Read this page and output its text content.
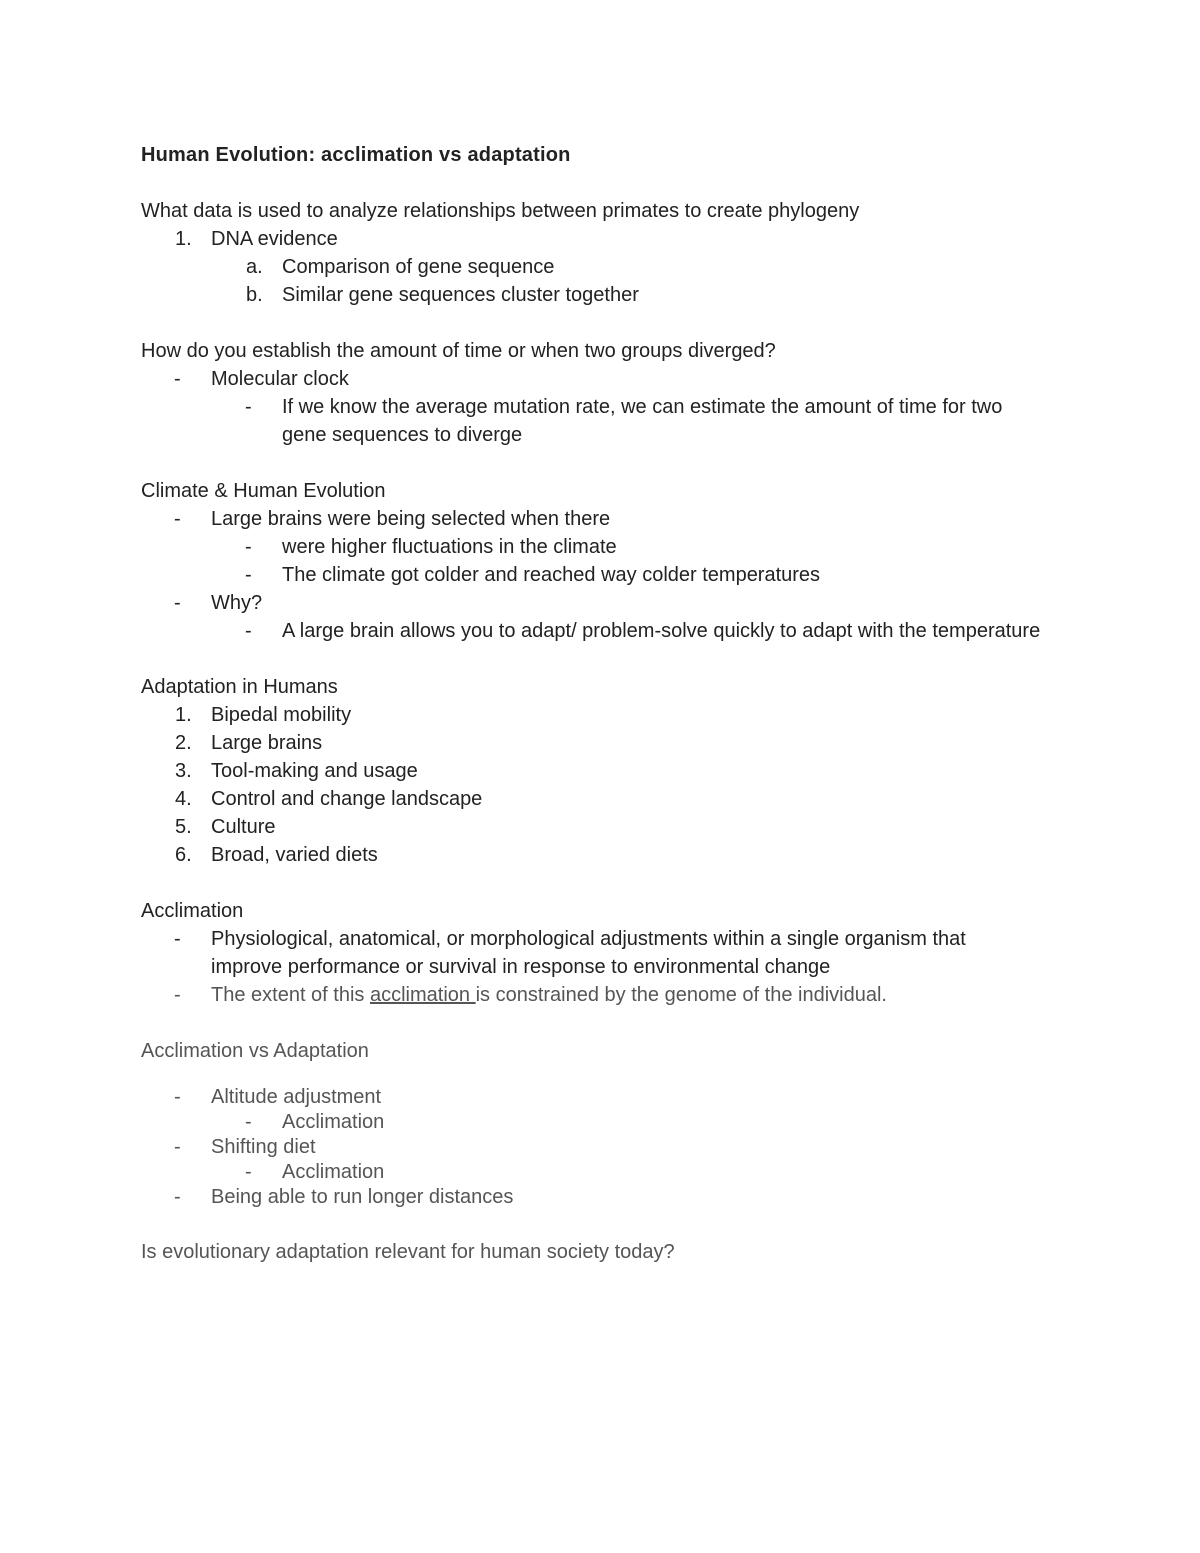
Human Evolution: acclimation vs adaptation
What data is used to analyze relationships between primates to create phylogeny
1. DNA evidence
a. Comparison of gene sequence
b. Similar gene sequences cluster together
How do you establish the amount of time or when two groups diverged?
- Molecular clock
- If we know the average mutation rate, we can estimate the amount of time for two gene sequences to diverge
Climate & Human Evolution
- Large brains were being selected when there
- were higher fluctuations in the climate
- The climate got colder and reached way colder temperatures
- Why?
- A large brain allows you to adapt/ problem-solve quickly to adapt with the temperature
Adaptation in Humans
1. Bipedal mobility
2. Large brains
3. Tool-making and usage
4. Control and change landscape
5. Culture
6. Broad, varied diets
Acclimation
- Physiological, anatomical, or morphological adjustments within a single organism that improve performance or survival in response to environmental change
- The extent of this acclimation is constrained by the genome of the individual.
Acclimation vs Adaptation
- Altitude adjustment
- Acclimation
- Shifting diet
- Acclimation
- Being able to run longer distances
Is evolutionary adaptation relevant for human society today?
